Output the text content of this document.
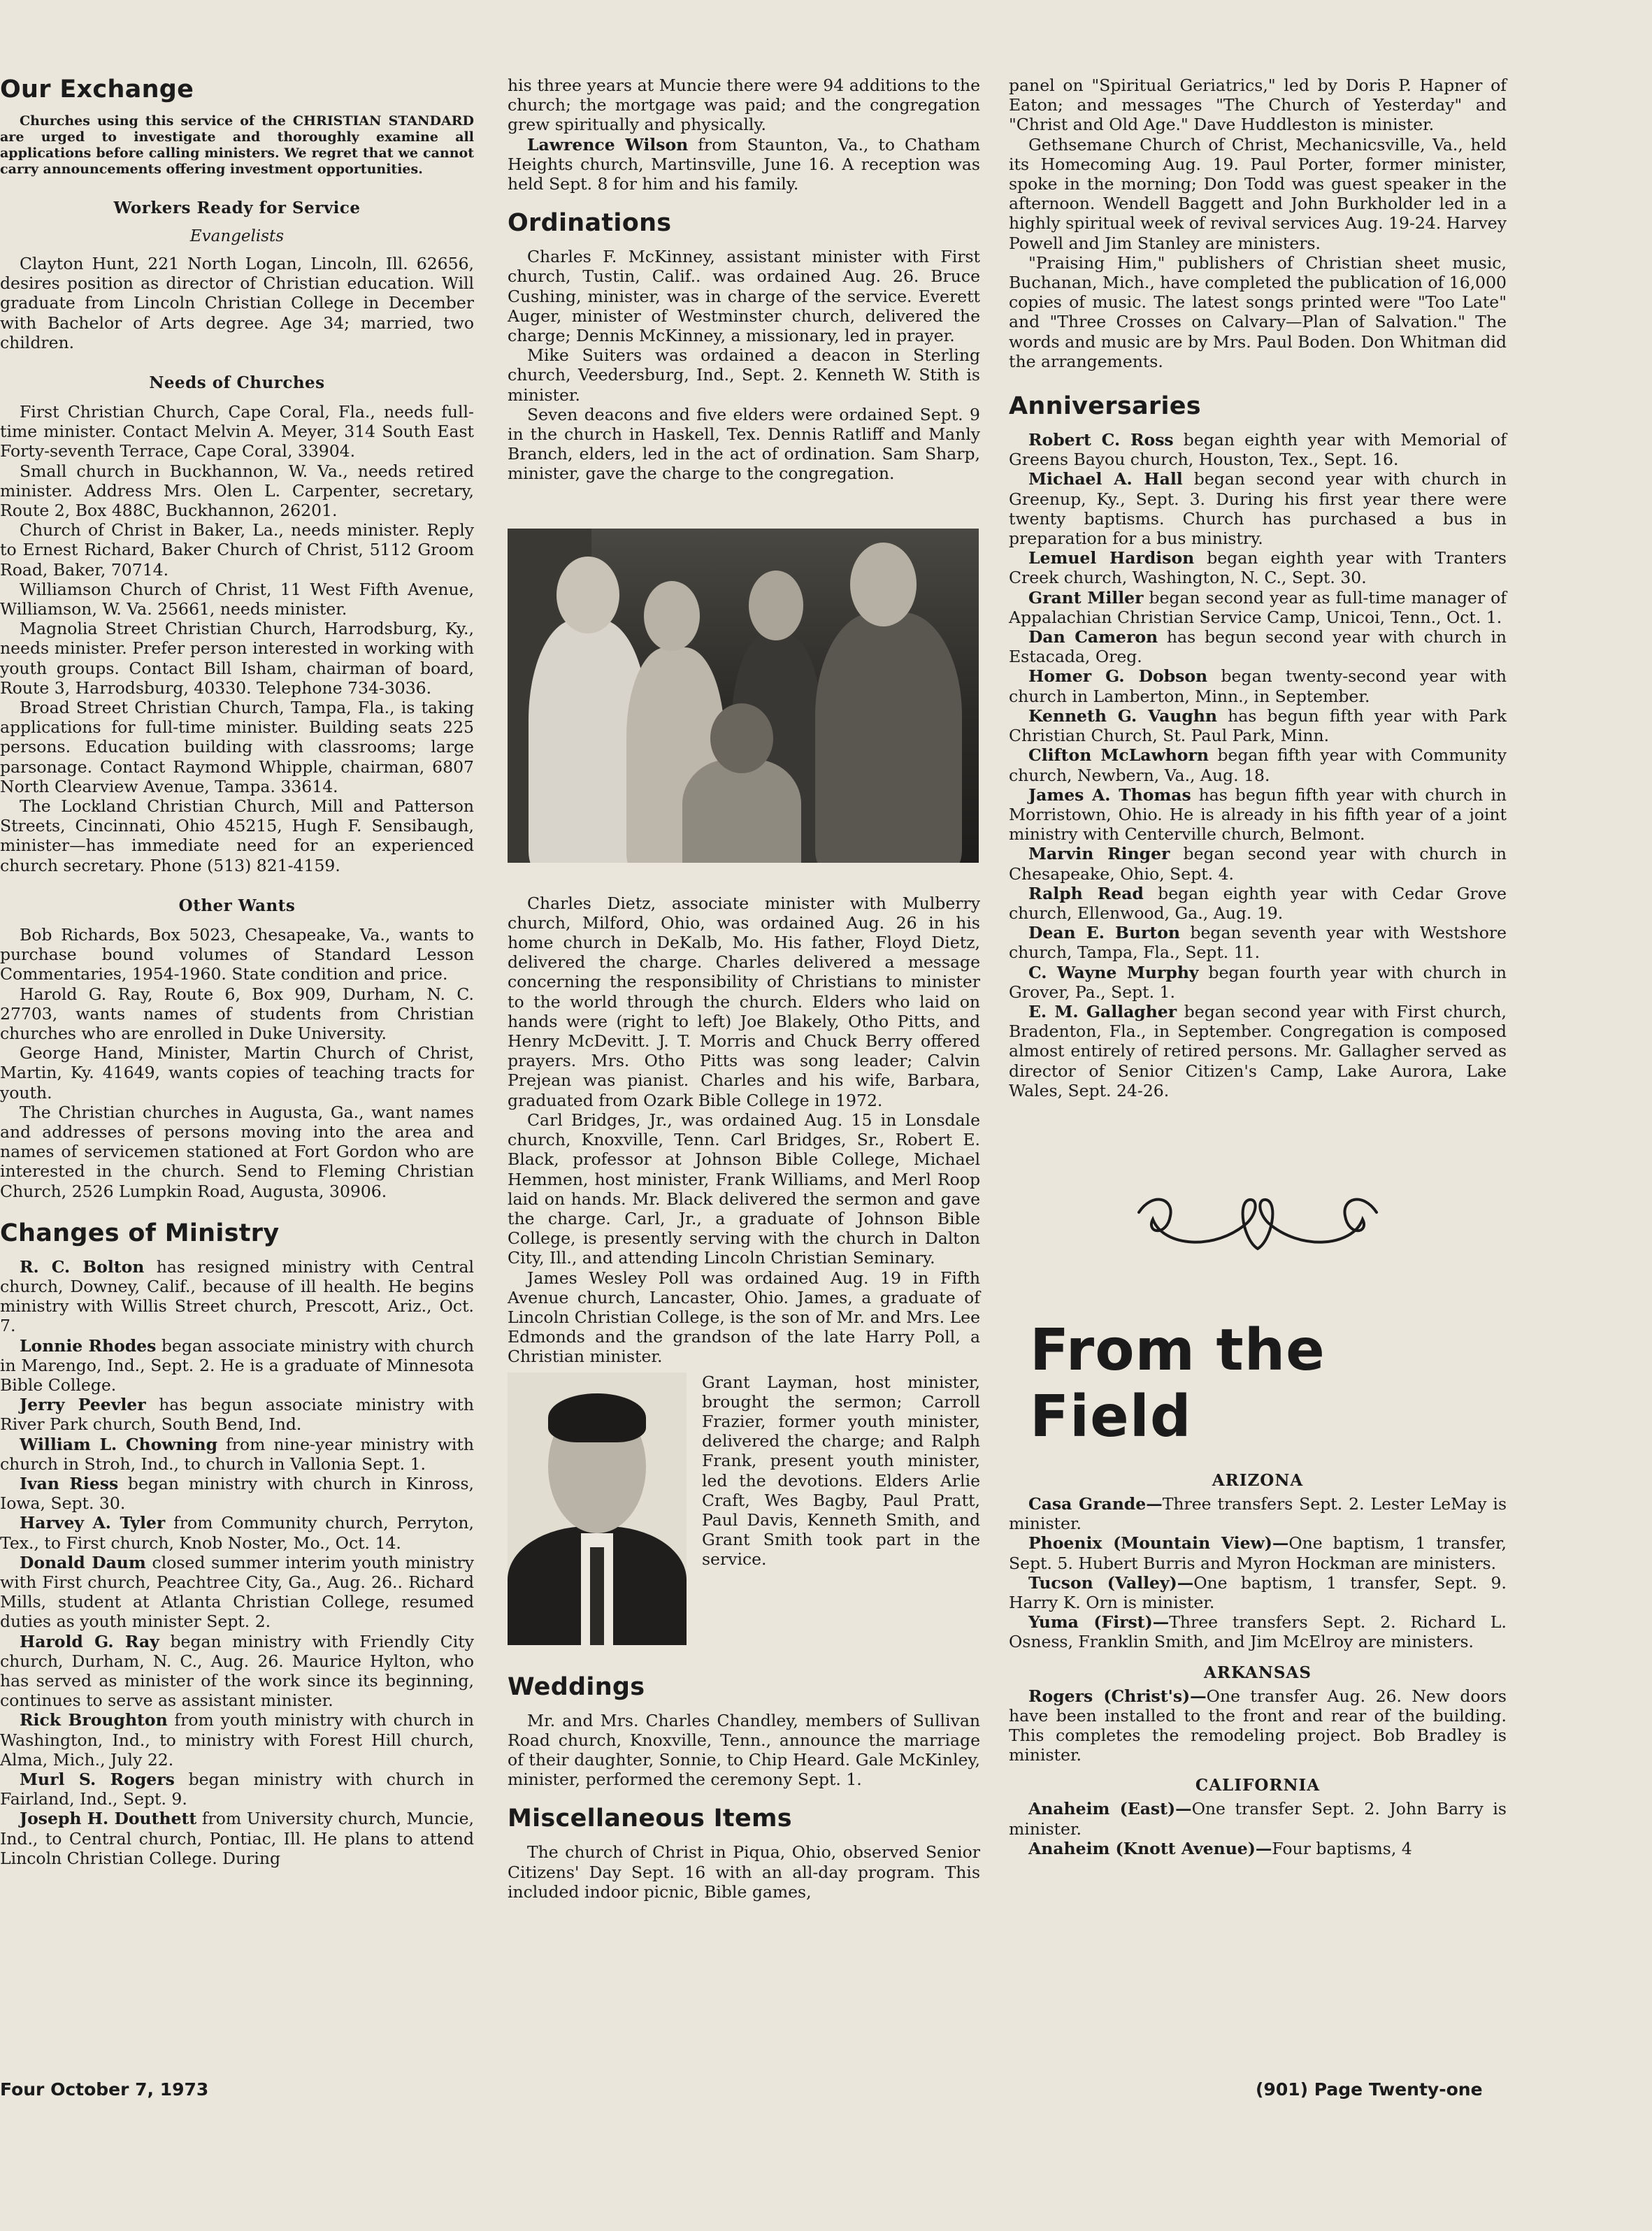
Our Exchange

Churches using this service of the CHRISTIAN STANDARD are urged to investigate and thoroughly examine all applications before calling ministers. We regret that we cannot carry announcements offering investment opportunities.

Workers Ready for Service
Evangelists

Clayton Hunt, 221 North Logan, Lincoln, Ill. 62656, desires position as director of Christian education. Will graduate from Lincoln Christian College in December with Bachelor of Arts degree. Age 34; married, two children.

Needs of Churches

First Christian Church, Cape Coral, Fla., needs full-time minister. Contact Melvin A. Meyer, 314 South East Forty-seventh Terrace, Cape Coral, 33904.

Small church in Buckhannon, W. Va., needs retired minister. Address Mrs. Olen L. Carpenter, secretary, Route 2, Box 488C, Buckhannon, 26201.

Church of Christ in Baker, La., needs minister. Reply to Ernest Richard, Baker Church of Christ, 5112 Groom Road, Baker, 70714.

Williamson Church of Christ, 11 West Fifth Avenue, Williamson, W. Va. 25661, needs minister.

Magnolia Street Christian Church, Harrodsburg, Ky., needs minister. Prefer person interested in working with youth groups. Contact Bill Isham, chairman of board, Route 3, Harrodsburg, 40330. Telephone 734-3036.

Broad Street Christian Church, Tampa, Fla., is taking applications for full-time minister. Building seats 225 persons. Education building with classrooms; large parsonage. Contact Raymond Whipple, chairman, 6807 North Clearview Avenue, Tampa. 33614.

The Lockland Christian Church, Mill and Patterson Streets, Cincinnati, Ohio 45215, Hugh F. Sensibaugh, minister—has immediate need for an experienced church secretary. Phone (513) 821-4159.

Other Wants

Bob Richards, Box 5023, Chesapeake, Va., wants to purchase bound volumes of Standard Lesson Commentaries, 1954-1960. State condition and price.

Harold G. Ray, Route 6, Box 909, Durham, N. C. 27703, wants names of students from Christian churches who are enrolled in Duke University.

George Hand, Minister, Martin Church of Christ, Martin, Ky. 41649, wants copies of teaching tracts for youth.

The Christian churches in Augusta, Ga., want names and addresses of persons moving into the area and names of servicemen stationed at Fort Gordon who are interested in the church. Send to Fleming Christian Church, 2526 Lumpkin Road, Augusta, 30906.

Changes of Ministry

R. C. Bolton has resigned ministry with Central church, Downey, Calif., because of ill health. He begins ministry with Willis Street church, Prescott, Ariz., Oct. 7.

Lonnie Rhodes began associate ministry with church in Marengo, Ind., Sept. 2. He is a graduate of Minnesota Bible College.

Jerry Peevler has begun associate ministry with River Park church, South Bend, Ind.

William L. Chowning from nine-year ministry with church in Stroh, Ind., to church in Vallonia Sept. 1.

Ivan Riess began ministry with church in Kinross, Iowa, Sept. 30.

Harvey A. Tyler from Community church, Perryton, Tex., to First church, Knob Noster, Mo., Oct. 14.

Donald Daum closed summer interim youth ministry with First church, Peachtree City, Ga., Aug. 26.. Richard Mills, student at Atlanta Christian College, resumed duties as youth minister Sept. 2.

Harold G. Ray began ministry with Friendly City church, Durham, N. C., Aug. 26. Maurice Hylton, who has served as minister of the work since its beginning, continues to serve as assistant minister.

Rick Broughton from youth ministry with church in Washington, Ind., to ministry with Forest Hill church, Alma, Mich., July 22.

Murl S. Rogers began ministry with church in Fairland, Ind., Sept. 9.

Joseph H. Douthett from University church, Muncie, Ind., to Central church, Pontiac, Ill. He plans to attend Lincoln Christian College. During

his three years at Muncie there were 94 additions to the church; the mortgage was paid; and the congregation grew spiritually and physically.

Lawrence Wilson from Staunton, Va., to Chatham Heights church, Martinsville, June 16. A reception was held Sept. 8 for him and his family.

Ordinations

Charles F. McKinney, assistant minister with First church, Tustin, Calif.. was ordained Aug. 26. Bruce Cushing, minister, was in charge of the service. Everett Auger, minister of Westminster church, delivered the charge; Dennis McKinney, a missionary, led in prayer.

Mike Suiters was ordained a deacon in Sterling church, Veedersburg, Ind., Sept. 2. Kenneth W. Stith is minister.

Seven deacons and five elders were ordained Sept. 9 in the church in Haskell, Tex. Dennis Ratliff and Manly Branch, elders, led in the act of ordination. Sam Sharp, minister, gave the charge to the congregation.

Charles Dietz, associate minister with Mulberry church, Milford, Ohio, was ordained Aug. 26 in his home church in DeKalb, Mo. His father, Floyd Dietz, delivered the charge. Charles delivered a message concerning the responsibility of Christians to minister to the world through the church. Elders who laid on hands were (right to left) Joe Blakely, Otho Pitts, and Henry McDevitt. J. T. Morris and Chuck Berry offered prayers. Mrs. Otho Pitts was song leader; Calvin Prejean was pianist. Charles and his wife, Barbara, graduated from Ozark Bible College in 1972.

Carl Bridges, Jr., was ordained Aug. 15 in Lonsdale church, Knoxville, Tenn. Carl Bridges, Sr., Robert E. Black, professor at Johnson Bible College, Michael Hemmen, host minister, Frank Williams, and Merl Roop laid on hands. Mr. Black delivered the sermon and gave the charge. Carl, Jr., a graduate of Johnson Bible College, is presently serving with the church in Dalton City, Ill., and attending Lincoln Christian Seminary.

James Wesley Poll was ordained Aug. 19 in Fifth Avenue church, Lancaster, Ohio. James, a graduate of Lincoln Christian College, is the son of Mr. and Mrs. Lee Edmonds and the grandson of the late Harry Poll, a Christian minister.

Grant Layman, host minister, brought the sermon; Carroll Frazier, former youth minister, delivered the charge; and Ralph Frank, present youth minister, led the devotions. Elders Arlie Craft, Wes Bagby, Paul Pratt, Paul Davis, Kenneth Smith, and Grant Smith took part in the service.

Weddings

Mr. and Mrs. Charles Chandley, members of Sullivan Road church, Knoxville, Tenn., announce the marriage of their daughter, Sonnie, to Chip Heard. Gale McKinley, minister, performed the ceremony Sept. 1.

Miscellaneous Items

The church of Christ in Piqua, Ohio, observed Senior Citizens' Day Sept. 16 with an all-day program. This included indoor picnic, Bible games,

panel on "Spiritual Geriatrics," led by Doris P. Hapner of Eaton; and messages "The Church of Yesterday" and "Christ and Old Age." Dave Huddleston is minister.

Gethsemane Church of Christ, Mechanicsville, Va., held its Homecoming Aug. 19. Paul Porter, former minister, spoke in the morning; Don Todd was guest speaker in the afternoon. Wendell Baggett and John Burkholder led in a highly spiritual week of revival services Aug. 19-24. Harvey Powell and Jim Stanley are ministers.

"Praising Him," publishers of Christian sheet music, Buchanan, Mich., have completed the publication of 16,000 copies of music. The latest songs printed were "Too Late" and "Three Crosses on Calvary—Plan of Salvation." The words and music are by Mrs. Paul Boden. Don Whitman did the arrangements.

Anniversaries

Robert C. Ross began eighth year with Memorial of Greens Bayou church, Houston, Tex., Sept. 16.

Michael A. Hall began second year with church in Greenup, Ky., Sept. 3. During his first year there were twenty baptisms. Church has purchased a bus in preparation for a bus ministry.

Lemuel Hardison began eighth year with Tranters Creek church, Washington, N. C., Sept. 30.

Grant Miller began second year as full-time manager of Appalachian Christian Service Camp, Unicoi, Tenn., Oct. 1.

Dan Cameron has begun second year with church in Estacada, Oreg.

Homer G. Dobson began twenty-second year with church in Lamberton, Minn., in September.

Kenneth G. Vaughn has begun fifth year with Park Christian Church, St. Paul Park, Minn.

Clifton McLawhorn began fifth year with Community church, Newbern, Va., Aug. 18.

James A. Thomas has begun fifth year with church in Morristown, Ohio. He is already in his fifth year of a joint ministry with Centerville church, Belmont.

Marvin Ringer began second year with church in Chesapeake, Ohio, Sept. 4.

Ralph Read began eighth year with Cedar Grove church, Ellenwood, Ga., Aug. 19.

Dean E. Burton began seventh year with Westshore church, Tampa, Fla., Sept. 11.

C. Wayne Murphy began fourth year with church in Grover, Pa., Sept. 1.

E. M. Gallagher began second year with First church, Bradenton, Fla., in September. Congregation is composed almost entirely of retired persons. Mr. Gallagher served as director of Senior Citizen's Camp, Lake Aurora, Lake Wales, Sept. 24-26.

From the Field
ARIZONA

Casa Grande—Three transfers Sept. 2. Lester LeMay is minister.

Phoenix (Mountain View)—One baptism, 1 transfer, Sept. 5. Hubert Burris and Myron Hockman are ministers.

Tucson (Valley)—One baptism, 1 transfer, Sept. 9. Harry K. Orn is minister.

Yuma (First)—Three transfers Sept. 2. Richard L. Osness, Franklin Smith, and Jim McElroy are ministers.

ARKANSAS

Rogers (Christ's)—One transfer Aug. 26. New doors have been installed to the front and rear of the building. This completes the remodeling project. Bob Bradley is minister.

CALIFORNIA

Anaheim (East)—One transfer Sept. 2. John Barry is minister.

Anaheim (Knott Avenue)—Four baptisms, 4

Four October 7, 1973	(901) Page Twenty-one
